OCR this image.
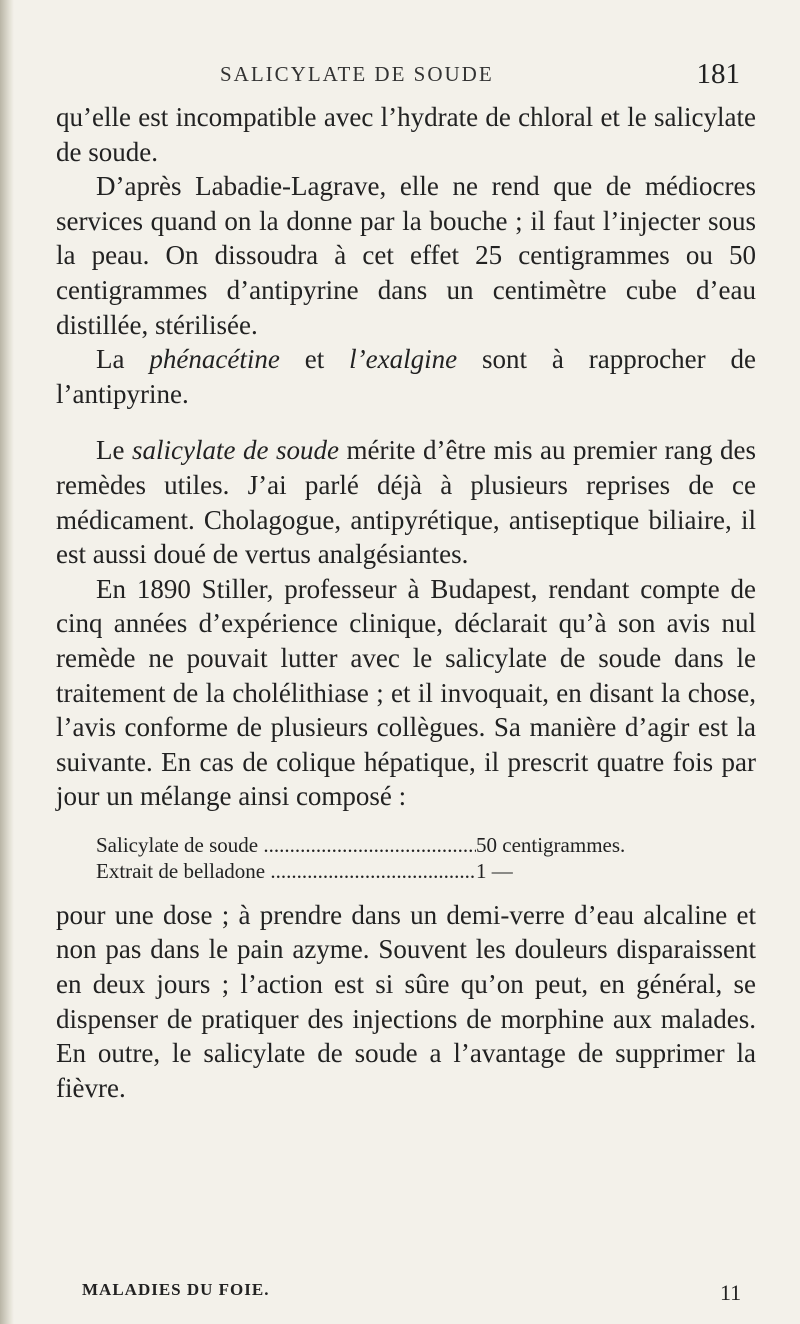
SALICYLATE DE SOUDE	181

qu’elle est incompatible avec l’hydrate de chloral et le salicylate de soude.

D’après Labadie-Lagrave, elle ne rend que de médiocres services quand on la donne par la bouche ; il faut l’injecter sous la peau. On dissoudra à cet effet 25 centigrammes ou 50 centigrammes d’antipyrine dans un centimètre cube d’eau distillée, stérilisée.

La phénacétine et l’exalgine sont à rapprocher de l’antipyrine.

Le salicylate de soude mérite d’être mis au premier rang des remèdes utiles. J’ai parlé déjà à plusieurs reprises de ce médicament. Cholagogue, antipyrétique, antiseptique biliaire, il est aussi doué de vertus analgésiantes.

En 1890 Stiller, professeur à Budapest, rendant compte de cinq années d’expérience clinique, déclarait qu’à son avis nul remède ne pouvait lutter avec le salicylate de soude dans le traitement de la cholélithiase ; et il invoquait, en disant la chose, l’avis conforme de plusieurs collègues. Sa manière d’agir est la suivante. En cas de colique hépatique, il prescrit quatre fois par jour un mélange ainsi composé :

Salicylate de soude .....	50 centigrammes.
Extrait de belladone .....	1 —

pour une dose ; à prendre dans un demi-verre d’eau alcaline et non pas dans le pain azyme. Souvent les douleurs disparaissent en deux jours ; l’action est si sûre qu’on peut, en général, se dispenser de pratiquer des injections de morphine aux malades. En outre, le salicylate de soude a l’avantage de supprimer la fièvre.

MALADIES DU FOIE.	11
